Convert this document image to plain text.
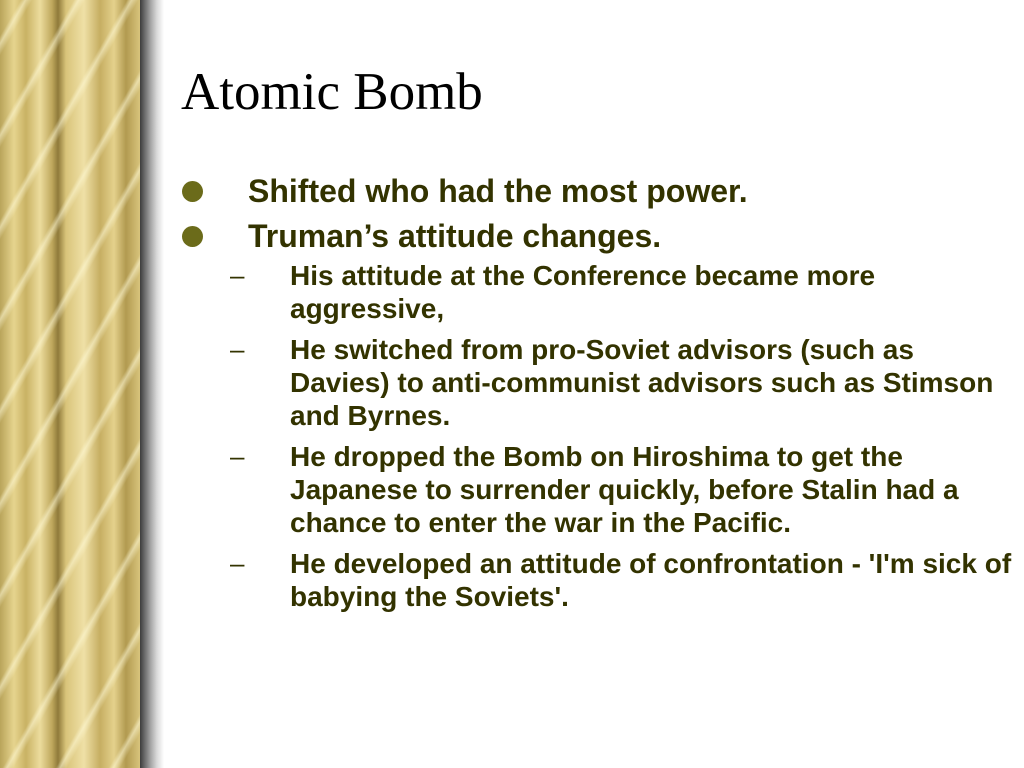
Atomic Bomb
Shifted who had the most power.
Truman’s attitude changes.
– His attitude at the Conference became more aggressive,
– He switched from pro-Soviet advisors (such as Davies) to anti-communist advisors such as Stimson and Byrnes.
– He dropped the Bomb on Hiroshima to get the Japanese to surrender quickly, before Stalin had a chance to enter the war in the Pacific.
– He developed an attitude of confrontation - 'I'm sick of babying the Soviets'.
